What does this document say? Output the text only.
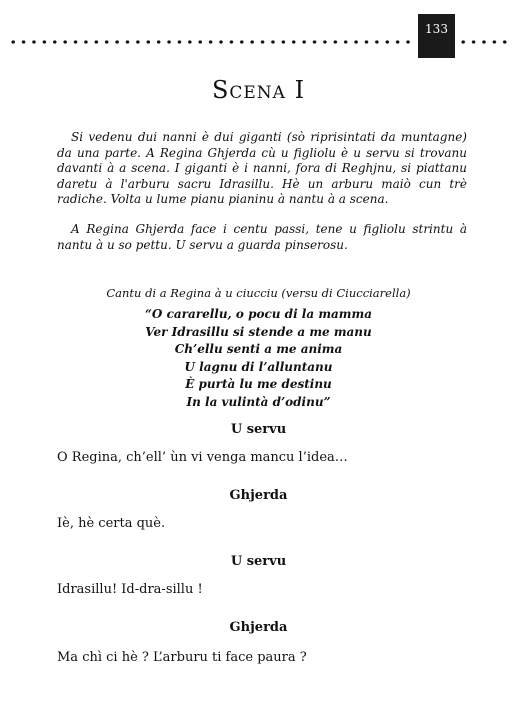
133
Scena I

Si vedenu dui nanni è dui giganti (sò riprisintati da muntagne) da una parte. A Regina Ghjerda cù u figliolu è u servu si trovanu davanti à a scena. I giganti è i nanni, fora di Reghjnu, si piattanu daretu à l'arburu sacru Idrasillu. Hè un arburu maiò cun trè radiche. Volta u lume pianu pianinu à nantu à a scena.

A Regina Ghjerda face i centu passi, tene u figliolu strintu à nantu à u so pettu. U servu a guarda pinserosu.

Cantu di a Regina à u ciucciu (versu di Ciucciarella)
“O cararellu, o pocu di la mamma
Ver Idrasillu si stende a me manu
Ch’ellu senti a me anima
U lagnu di l’alluntanu
È purtà lu me destinu
In la vulintà d’odinu”
U servu
O Regina, ch’ell’ ùn vi venga mancu l’idea…
Ghjerda
Iè, hè certa què.
U servu
Idrasillu! Id-dra-sillu !
Ghjerda
Ma chì ci hè ? L’arburu ti face paura ?
